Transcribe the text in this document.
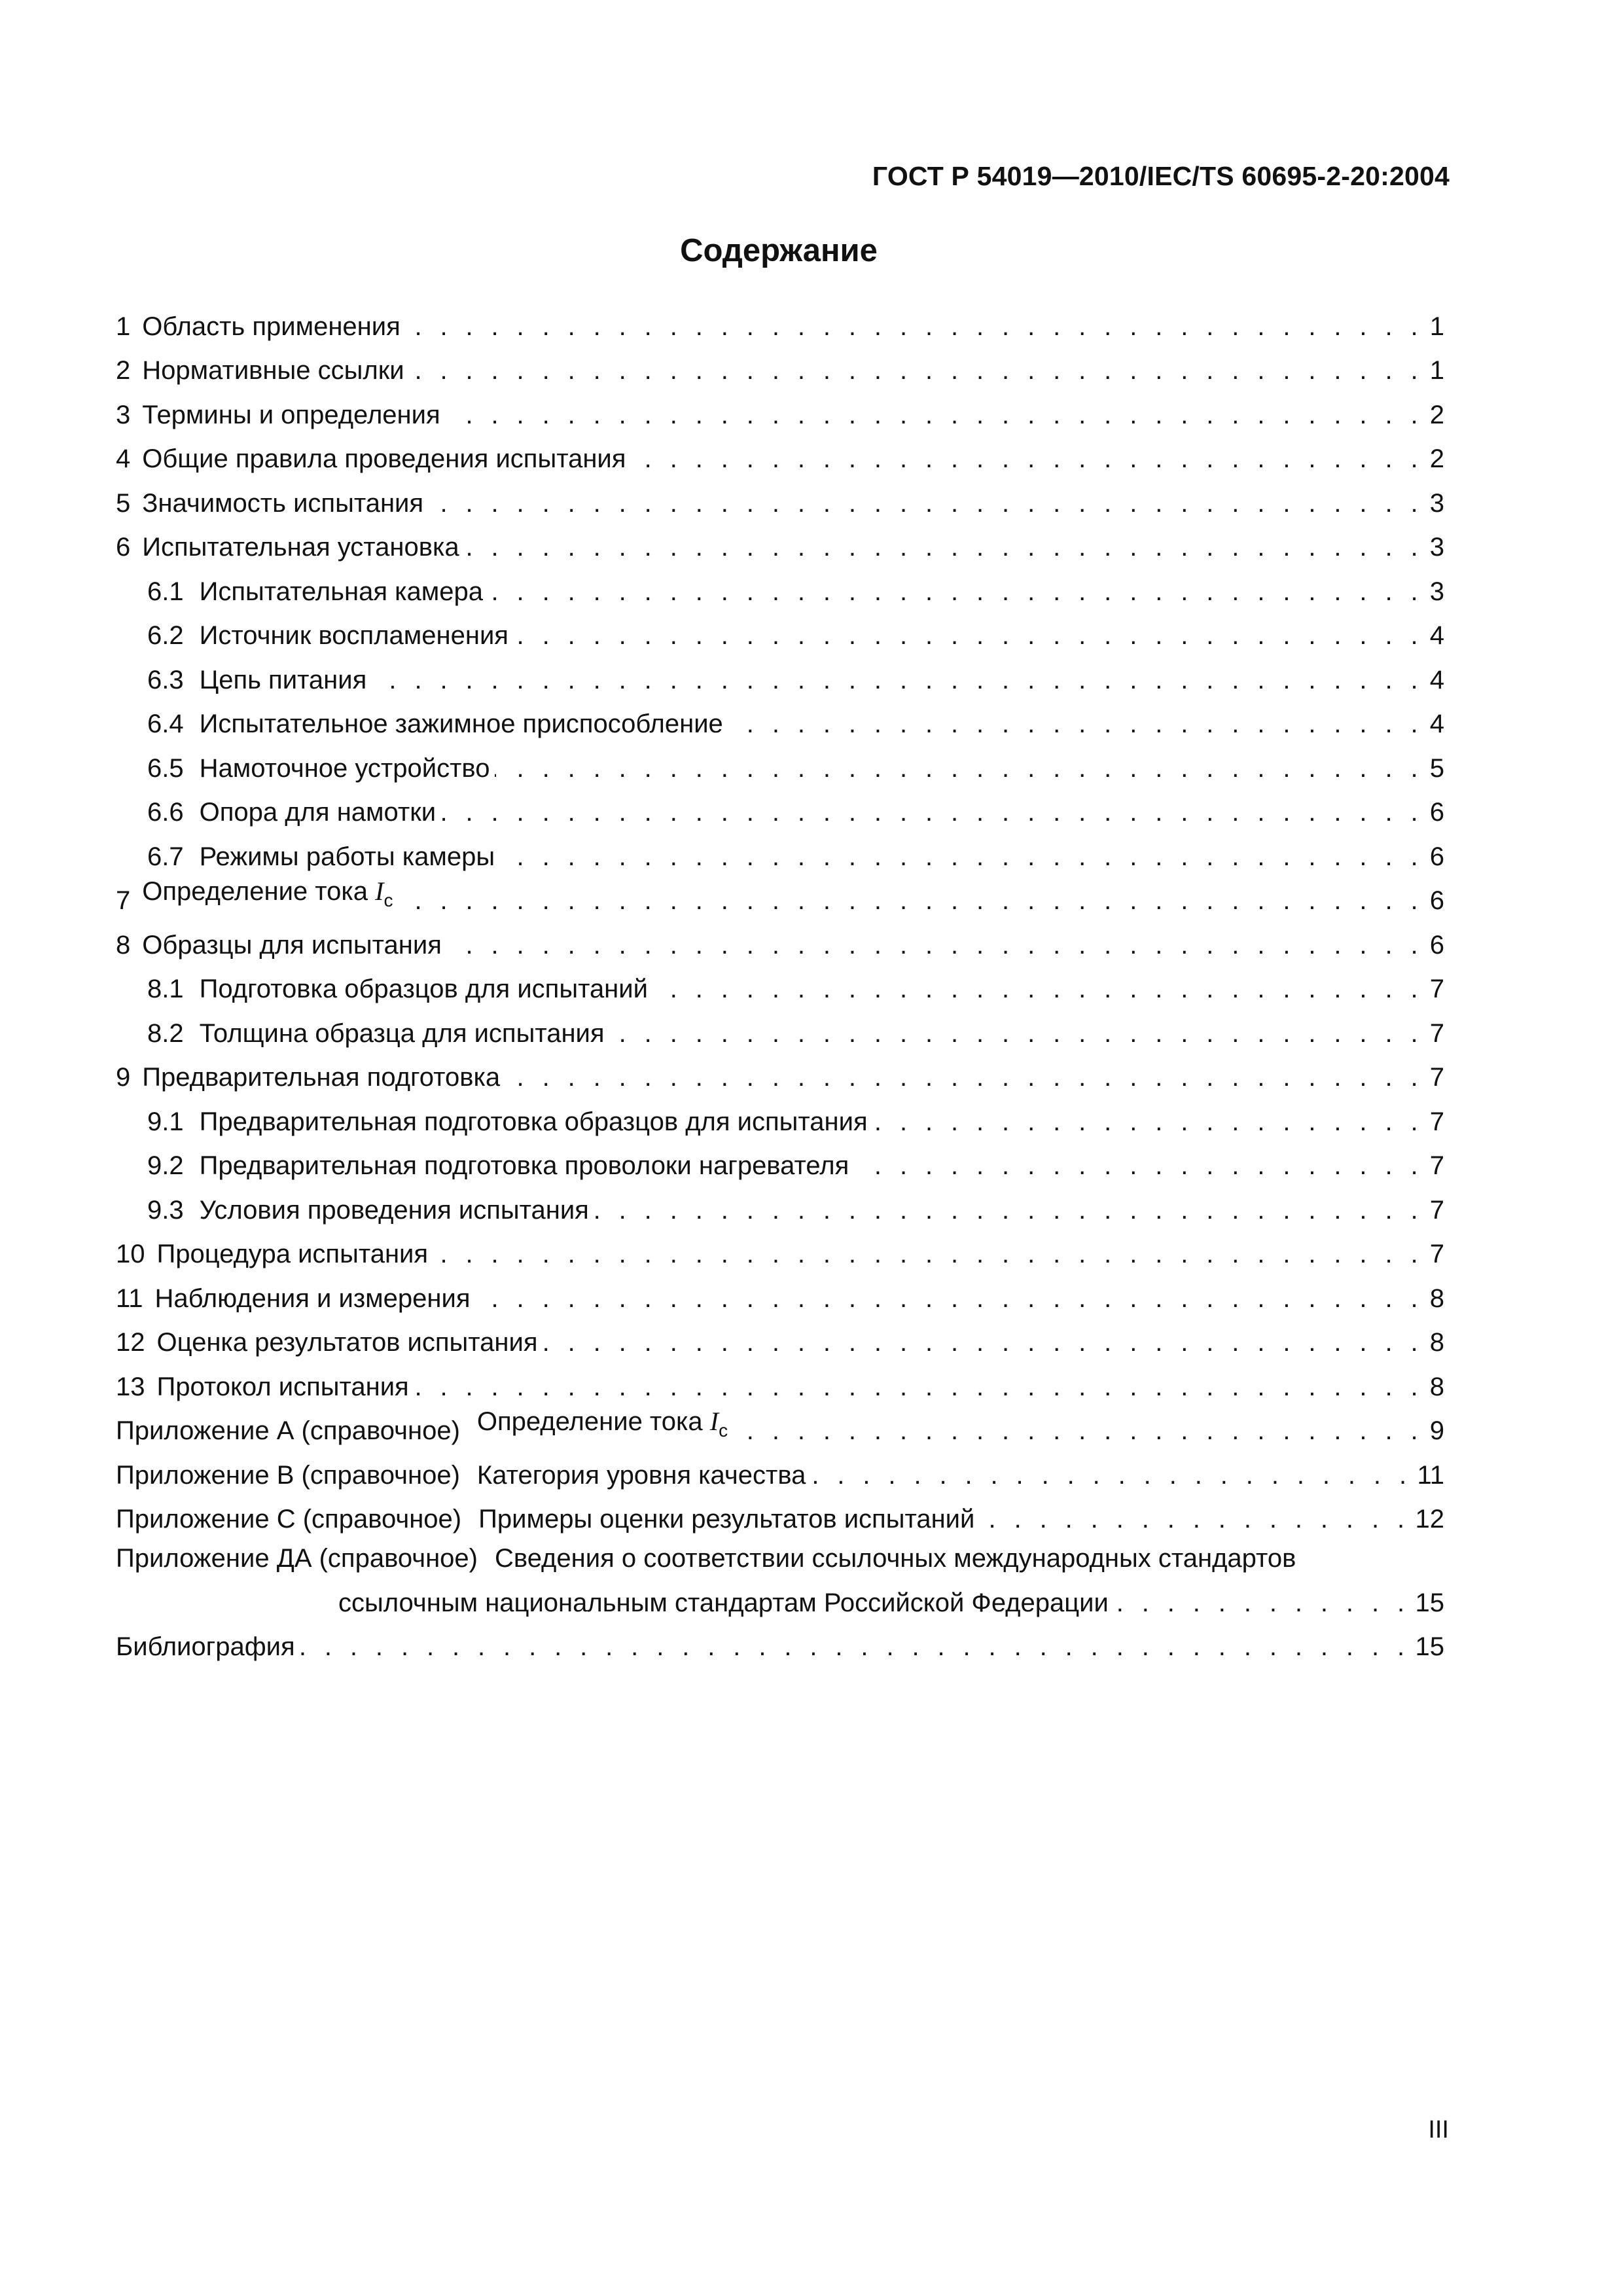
ГОСТ Р 54019—2010/IEC/TS 60695-2-20:2004
Содержание
1 Область применения . . .	1
2 Нормативные ссылки . . .	1
3 Термины и определения . . .	2
4 Общие правила проведения испытания . . .	2
5 Значимость испытания . . .	3
6 Испытательная установка . . .	3
6.1 Испытательная камера . . .	3
6.2 Источник воспламенения . . .	4
6.3 Цепь питания . . .	4
6.4 Испытательное зажимное приспособление . . .	4
6.5 Намоточное устройство . . .	5
6.6 Опора для намотки . . .	6
6.7 Режимы работы камеры . . .	6
7 Определение тока $I_c$ . . .	6
8 Образцы для испытания . . .	6
8.1 Подготовка образцов для испытаний . . .	7
8.2 Толщина образца для испытания . . .	7
9 Предварительная подготовка . . .	7
9.1 Предварительная подготовка образцов для испытания . . .	7
9.2 Предварительная подготовка проволоки нагревателя . . .	7
9.3 Условия проведения испытания . . .	7
10 Процедура испытания . . .	7
11 Наблюдения и измерения . . .	8
12 Оценка результатов испытания . . .	8
13 Протокол испытания . . .	8
Приложение А (справочное) Определение тока $I_c$ . . .	9
Приложение В (справочное) Категория уровня качества . . .	11
Приложение С (справочное) Примеры оценки результатов испытаний . . .	12
Приложение ДА (справочное) Сведения о соответствии ссылочных международных стандартов
ссылочным национальным стандартам Российской Федерации . . .	15
Библиография . . .	15
III
